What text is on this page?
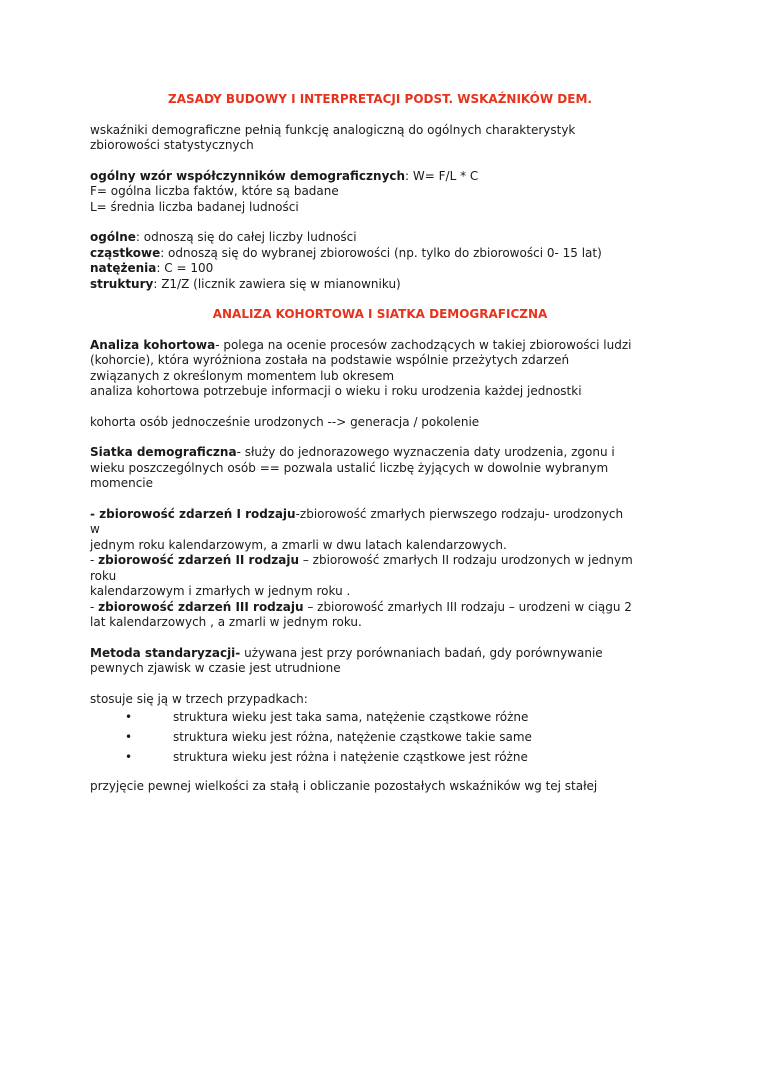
ZASADY BUDOWY I INTERPRETACJI PODST. WSKAŹNIKÓW DEM.
wskaźniki demograficzne pełnią funkcję analogiczną do ogólnych charakterystyk
zbiorowości statystycznych
ogólny wzór współczynników demograficznych: W= F/L * C
F= ogólna liczba faktów, które są badane
L= średnia liczba badanej ludności
ogólne: odnoszą się do całej liczby ludności
cząstkowe: odnoszą się do wybranej zbiorowości (np. tylko do zbiorowości 0- 15 lat)
natężenia: C = 100
struktury: Z1/Z (licznik zawiera się w mianowniku)
ANALIZA KOHORTOWA I SIATKA DEMOGRAFICZNA
Analiza kohortowa- polega na ocenie procesów zachodzących w takiej zbiorowości ludzi
(kohorcie), która wyróżniona została na podstawie wspólnie przeżytych zdarzeń
związanych z określonym momentem lub okresem
analiza kohortowa potrzebuje informacji o wieku i roku urodzenia każdej jednostki
kohorta osób jednocześnie urodzonych --> generacja / pokolenie
Siatka demograficzna- służy do jednorazowego wyznaczenia daty urodzenia, zgonu i
wieku poszczególnych osób == pozwala ustalić liczbę żyjących w dowolnie wybranym
momencie
- zbiorowość zdarzeń I rodzaju-zbiorowość zmarłych pierwszego rodzaju- urodzonych
w
jednym roku kalendarzowym, a zmarli w dwu latach kalendarzowych.
- zbiorowość zdarzeń II rodzaju – zbiorowość zmarłych II rodzaju urodzonych w jednym
roku
kalendarzowym i zmarłych w jednym roku .
- zbiorowość zdarzeń III rodzaju – zbiorowość zmarłych III rodzaju – urodzeni w ciągu 2
lat kalendarzowych , a zmarli w jednym roku.
Metoda standaryzacji- używana jest przy porównaniach badań, gdy porównywanie
pewnych zjawisk w czasie jest utrudnione
stosuje się ją w trzech przypadkach:
•	struktura wieku jest taka sama, natężenie cząstkowe różne
•	struktura wieku jest różna, natężenie cząstkowe takie same
•	struktura wieku jest różna i natężenie cząstkowe jest różne
przyjęcie pewnej wielkości za stałą i obliczanie pozostałych wskaźników wg tej stałej
